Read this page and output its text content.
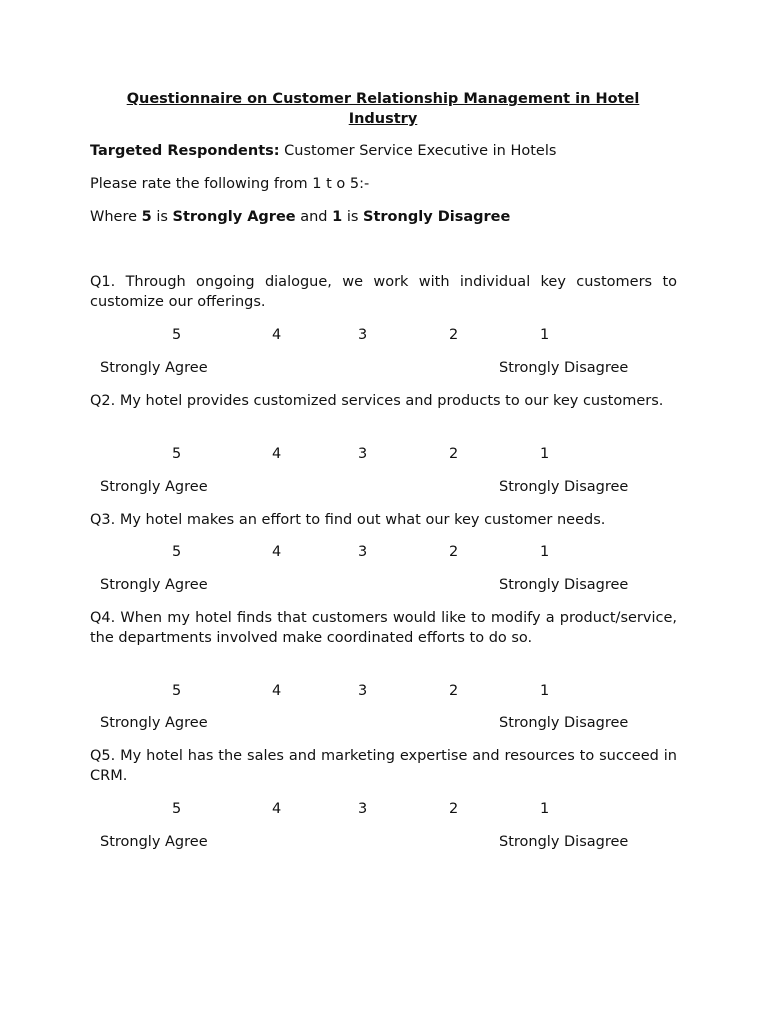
Questionnaire on Customer Relationship Management in Hotel Industry
Targeted Respondents: Customer Service Executive in Hotels
Please rate the following from 1 t o 5:-
Where 5 is Strongly Agree and 1 is Strongly Disagree
Q1. Through ongoing dialogue, we work with individual key customers to customize our offerings.
5	4	3	2	1
Strongly Agree	Strongly Disagree
Q2. My hotel provides customized services and products to our key customers.
5	4	3	2	1
Strongly Agree	Strongly Disagree
Q3. My hotel makes an effort to find out what our key customer needs.
5	4	3	2	1
Strongly Agree	Strongly Disagree
Q4. When my hotel finds that customers would like to modify a product/service, the departments involved make coordinated efforts to do so.
5	4	3	2	1
Strongly Agree	Strongly Disagree
Q5. My hotel has the sales and marketing expertise and resources to succeed in CRM.
5	4	3	2	1
Strongly Agree	Strongly Disagree
